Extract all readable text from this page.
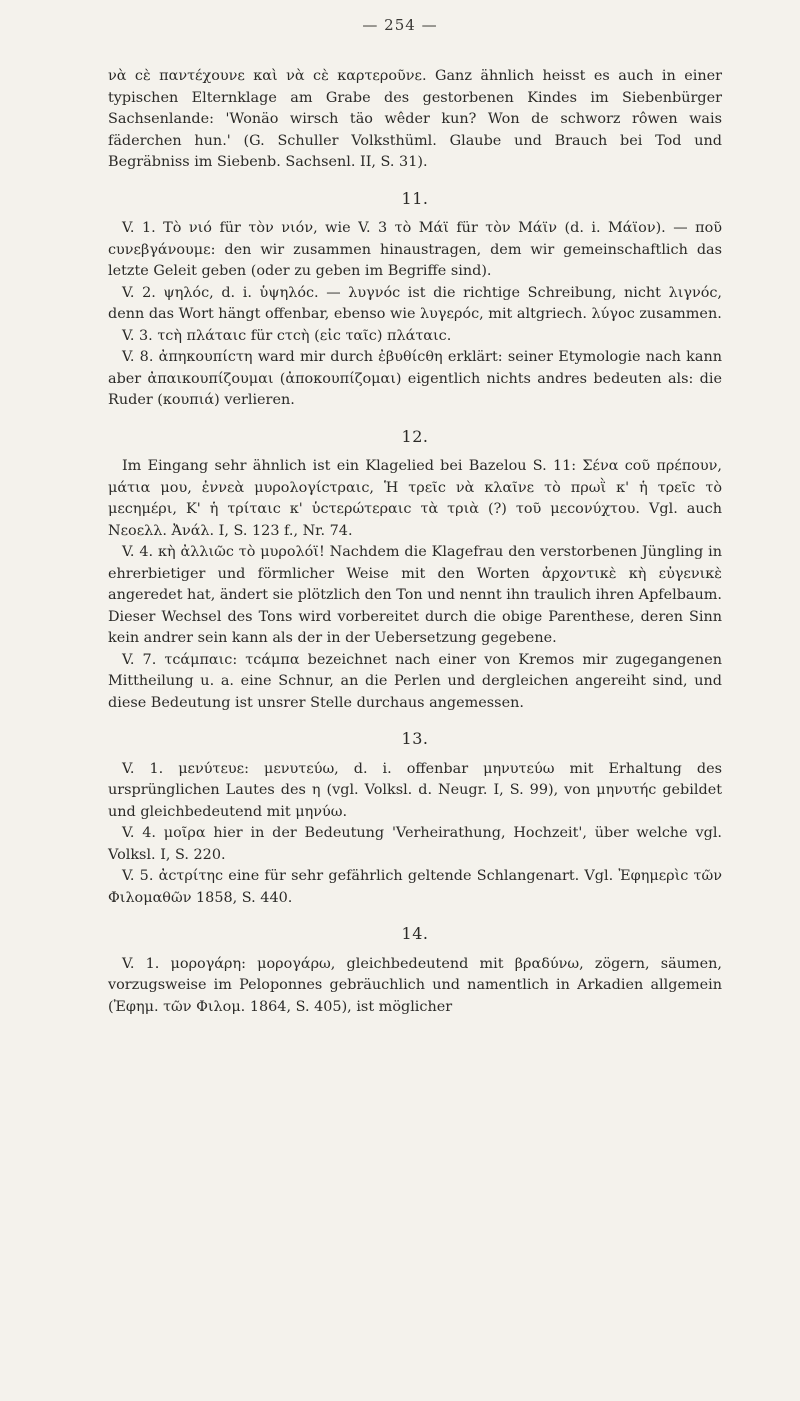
— 254 —

νὰ cὲ παντέχουνε καὶ νὰ cὲ καρτεροῦνε. Ganz ähnlich heisst es auch in einer typischen Elternklage am Grabe des gestorbenen Kindes im Siebenbürger Sachsenlande: 'Wonäo wirsch täo wêder kun? Won de schworz rôwen wais fäderchen hun.' (G. Schuller Volksthüml. Glaube und Brauch bei Tod und Begräbniss im Siebenb. Sachsenl. II, S. 31).

11.

V. 1. Τὸ νιό für τὸν νιόν, wie V. 3 τὸ Μάϊ für τὸν Μάϊν (d. i. Μάϊον). — ποῦ cυνεβγάνουμε: den wir zusammen hinaustragen, dem wir gemeinschaftlich das letzte Geleit geben (oder zu geben im Begriffe sind).

V. 2. ψηλόc, d. i. ὑψηλόc. — λυγνόc ist die richtige Schreibung, nicht λιγνόc, denn das Wort hängt offenbar, ebenso wie λυγερόc, mit altgriech. λύγοc zusammen.

V. 3. τcὴ πλάταιc für cτcὴ (εἰc ταῖc) πλάταιc.

V. 8. ἀπηκουπίcτη ward mir durch ἐβυθίcθη erklärt: seiner Etymologie nach kann aber ἀπαικουπίζουμαι (ἀποκουπίζομαι) eigentlich nichts andres bedeuten als: die Ruder (κουπιά) verlieren.

12.

Im Eingang sehr ähnlich ist ein Klagelied bei Bazelou S. 11: Σένα cοῦ πρέπουν, μάτια μου, ἐννεὰ μυρολογίcτραιc, Ἡ τρεῖc νὰ κλαῖνε τὸ πρωῒ κ' ἡ τρεῖc τὸ μεcημέρι, Κ' ἡ τρίταιc κ' ὑcτερώτεραιc τὰ τριὰ (?) τοῦ μεcονύχτου. Vgl. auch Νεοελλ. Ἀνάλ. I, S. 123 f., Nr. 74.

V. 4. κὴ ἀλλιῶc τὸ μυρολόϊ! Nachdem die Klagefrau den verstorbenen Jüngling in ehrerbietiger und förmlicher Weise mit den Worten ἀρχοντικὲ κὴ εὐγενικὲ angeredet hat, ändert sie plötzlich den Ton und nennt ihn traulich ihren Apfelbaum. Dieser Wechsel des Tons wird vorbereitet durch die obige Parenthese, deren Sinn kein andrer sein kann als der in der Uebersetzung gegebene.

V. 7. τcάμπαιc: τcάμπα bezeichnet nach einer von Kremos mir zugegangenen Mittheilung u. a. eine Schnur, an die Perlen und dergleichen angereiht sind, und diese Bedeutung ist unsrer Stelle durchaus angemessen.

13.

V. 1. μενύτευε: μενυτεύω, d. i. offenbar μηνυτεύω mit Erhaltung des ursprünglichen Lautes des η (vgl. Volksl. d. Neugr. I, S. 99), von μηνυτήc gebildet und gleichbedeutend mit μηνύω.

V. 4. μοῖρα hier in der Bedeutung 'Verheirathung, Hochzeit', über welche vgl. Volksl. I, S. 220.

V. 5. ἀcτρίτηc eine für sehr gefährlich geltende Schlangenart. Vgl. Ἐφημερὶc τῶν Φιλομαθῶν 1858, S. 440.

14.

V. 1. μορογάρη: μορογάρω, gleichbedeutend mit βραδύνω, zögern, säumen, vorzugsweise im Peloponnes gebräuchlich und namentlich in Arkadien allgemein (Ἐφημ. τῶν Φιλομ. 1864, S. 405), ist möglicher
